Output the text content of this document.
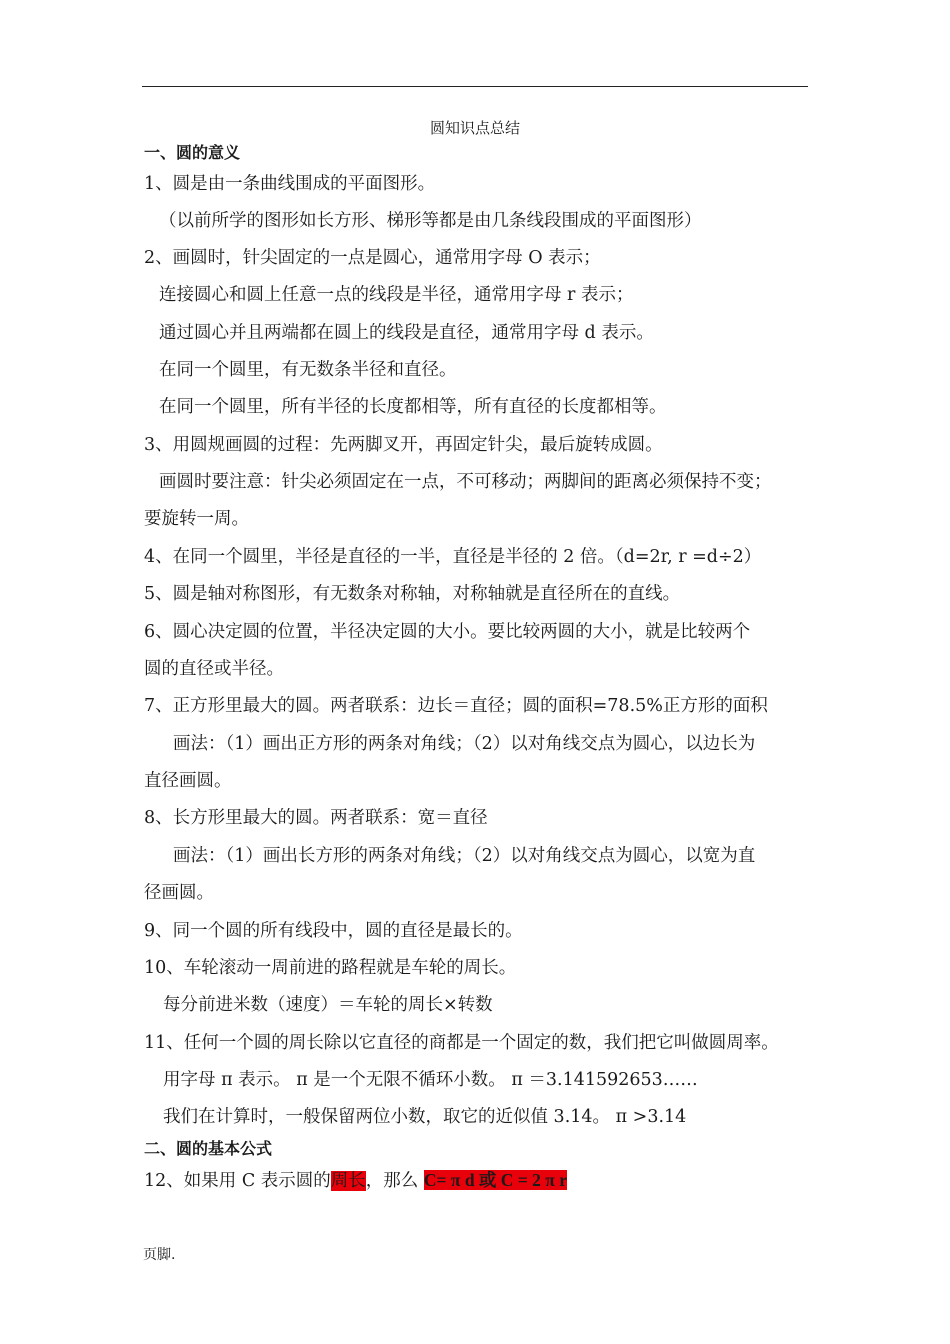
圆知识点总结
一、圆的意义
1、圆是由一条曲线围成的平面图形。
（以前所学的图形如长方形、梯形等都是由几条线段围成的平面图形）
2、画圆时，针尖固定的一点是圆心，通常用字母 O 表示；
连接圆心和圆上任意一点的线段是半径，通常用字母 r 表示；
通过圆心并且两端都在圆上的线段是直径，通常用字母 d 表示。
在同一个圆里，有无数条半径和直径。
在同一个圆里，所有半径的长度都相等，所有直径的长度都相等。
3、用圆规画圆的过程：先两脚叉开，再固定针尖，最后旋转成圆。
画圆时要注意：针尖必须固定在一点，不可移动；两脚间的距离必须保持不变；
要旋转一周。
4、在同一个圆里，半径是直径的一半，直径是半径的 2 倍。（d=2r, r =d÷2）
5、圆是轴对称图形，有无数条对称轴，对称轴就是直径所在的直线。
6、圆心决定圆的位置，半径决定圆的大小。要比较两圆的大小，就是比较两个
圆的直径或半径。
7、正方形里最大的圆。两者联系：边长＝直径；圆的面积=78.5%正方形的面积
画法：（1）画出正方形的两条对角线；（2）以对角线交点为圆心，以边长为
直径画圆。
8、长方形里最大的圆。两者联系：宽＝直径
画法：（1）画出长方形的两条对角线；（2）以对角线交点为圆心，以宽为直
径画圆。
9、同一个圆的所有线段中，圆的直径是最长的。
10、车轮滚动一周前进的路程就是车轮的周长。
每分前进米数（速度）＝车轮的周长×转数
11、任何一个圆的周长除以它直径的商都是一个固定的数，我们把它叫做圆周率。
用字母 π 表示。 π 是一个无限不循环小数。 π ＝3.141592653……
我们在计算时，一般保留两位小数，取它的近似值 3.14。 π >3.14
二、圆的基本公式
12、如果用 C 表示圆的周长，那么 C= π d 或 C = 2 π r
页脚.
